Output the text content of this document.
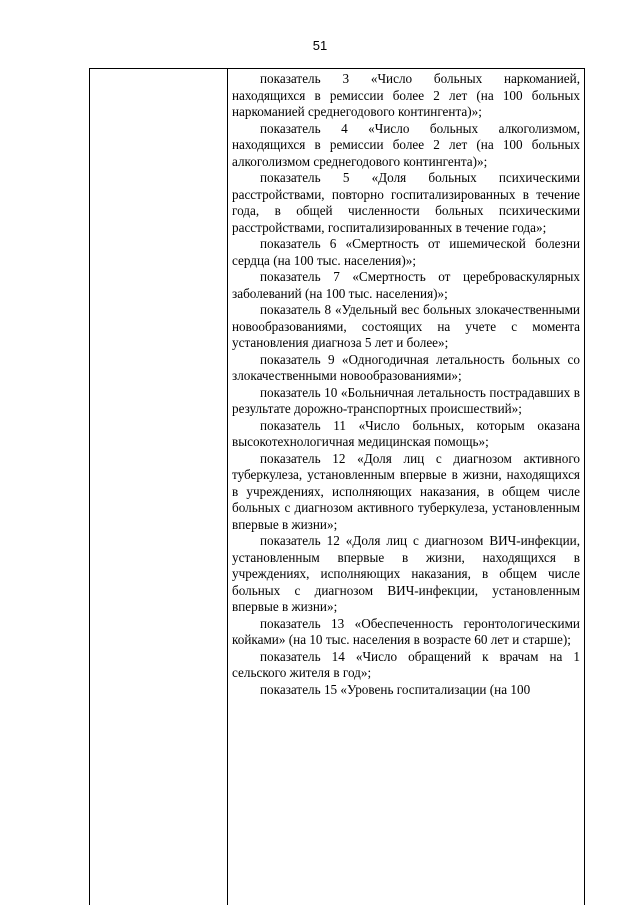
51

показатель 3 «Число больных наркоманией, находящихся в ремиссии более 2 лет (на 100 больных наркоманией среднегодового контингента)»;

показатель 4 «Число больных алкоголизмом, находящихся в ремиссии более 2 лет (на 100 больных алкоголизмом среднегодового контингента)»;

показатель 5 «Доля больных психическими расстройствами, повторно госпитализированных в течение года, в общей численности больных психическими расстройствами, госпитализированных в течение года»;

показатель 6 «Смертность от ишемической болезни сердца (на 100 тыс. населения)»;

показатель 7 «Смертность от цереброваскулярных заболеваний (на 100 тыс. населения)»;

показатель 8 «Удельный вес больных злокачественными новообразованиями, состоящих на учете с момента установления диагноза 5 лет и более»;

показатель 9 «Одногодичная летальность больных со злокачественными новообразованиями»;

показатель 10 «Больничная летальность пострадавших в результате дорожно-транспортных происшествий»;

показатель 11 «Число больных, которым оказана высокотехнологичная медицинская помощь»;

показатель 12 «Доля лиц с диагнозом активного туберкулеза, установленным впервые в жизни, находящихся в учреждениях, исполняющих наказания, в общем числе больных с диагнозом активного туберкулеза, установленным впервые в жизни»;

показатель 12 «Доля лиц с диагнозом ВИЧ-инфекции, установленным впервые в жизни, находящихся в учреждениях, исполняющих наказания, в общем числе больных с диагнозом ВИЧ-инфекции, установленным впервые в жизни»;

показатель 13 «Обеспеченность геронтологическими койками» (на 10 тыс. населения в возрасте 60 лет и старше);

показатель 14 «Число обращений к врачам на 1 сельского жителя в год»;

показатель 15 «Уровень госпитализации (на 100
